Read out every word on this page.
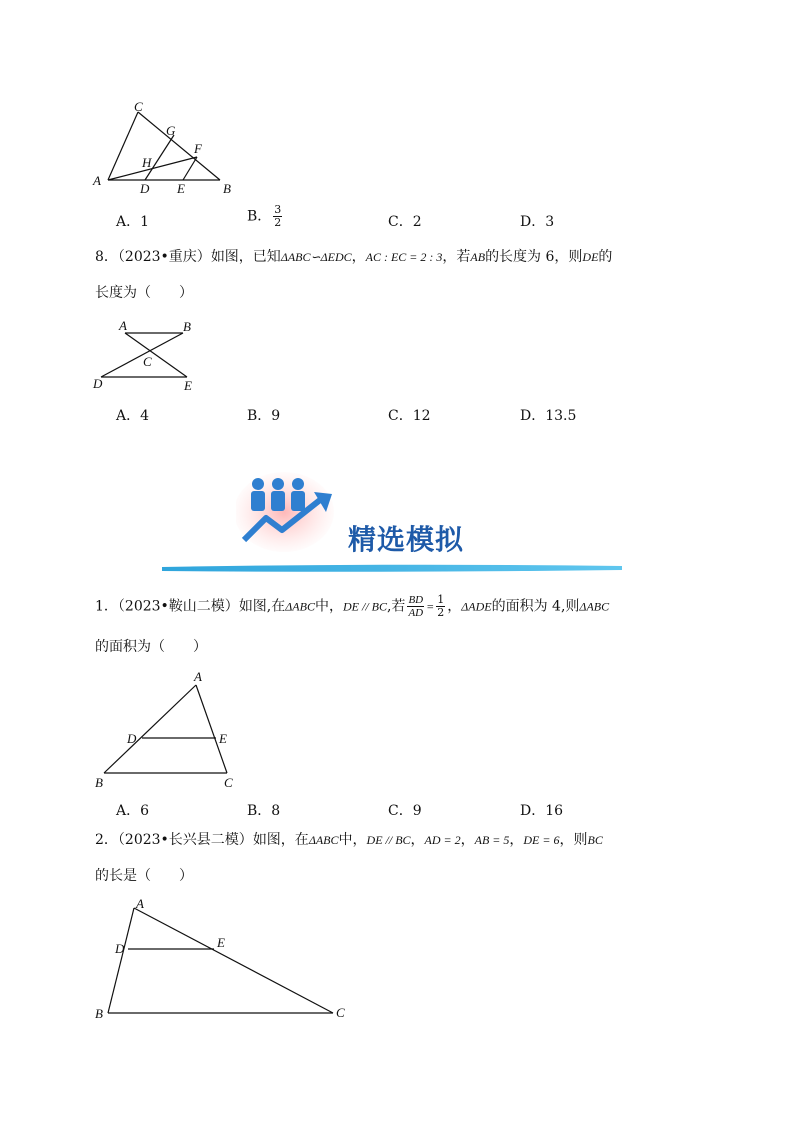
A
B
C
D E
F
G
H
A．1	B． $\frac{3}{2}$	C．2	D．3
8．（2023•重庆）如图，已知ΔABC∽ΔEDC，AC : EC = 2 : 3，若AB的长度为 6，则DE的
长度为（　　）
A	B
C
D	E
A．4	B．9	C．12	D．13.5
精选模拟
1．（2023•鞍山二模）如图,在ΔABC中，DE // BC,若 $\frac{BD}{AD} = \frac{1}{2}$ ，ΔADE的面积为 4,则ΔABC
的面积为（　　）
A
B	C
D	E
A．6	B．8	C．9	D．16
2．（2023•长兴县二模）如图，在ΔABC中，DE // BC，AD = 2，AB = 5，DE = 6，则BC
的长是（　　）
A
B	C
D	E
